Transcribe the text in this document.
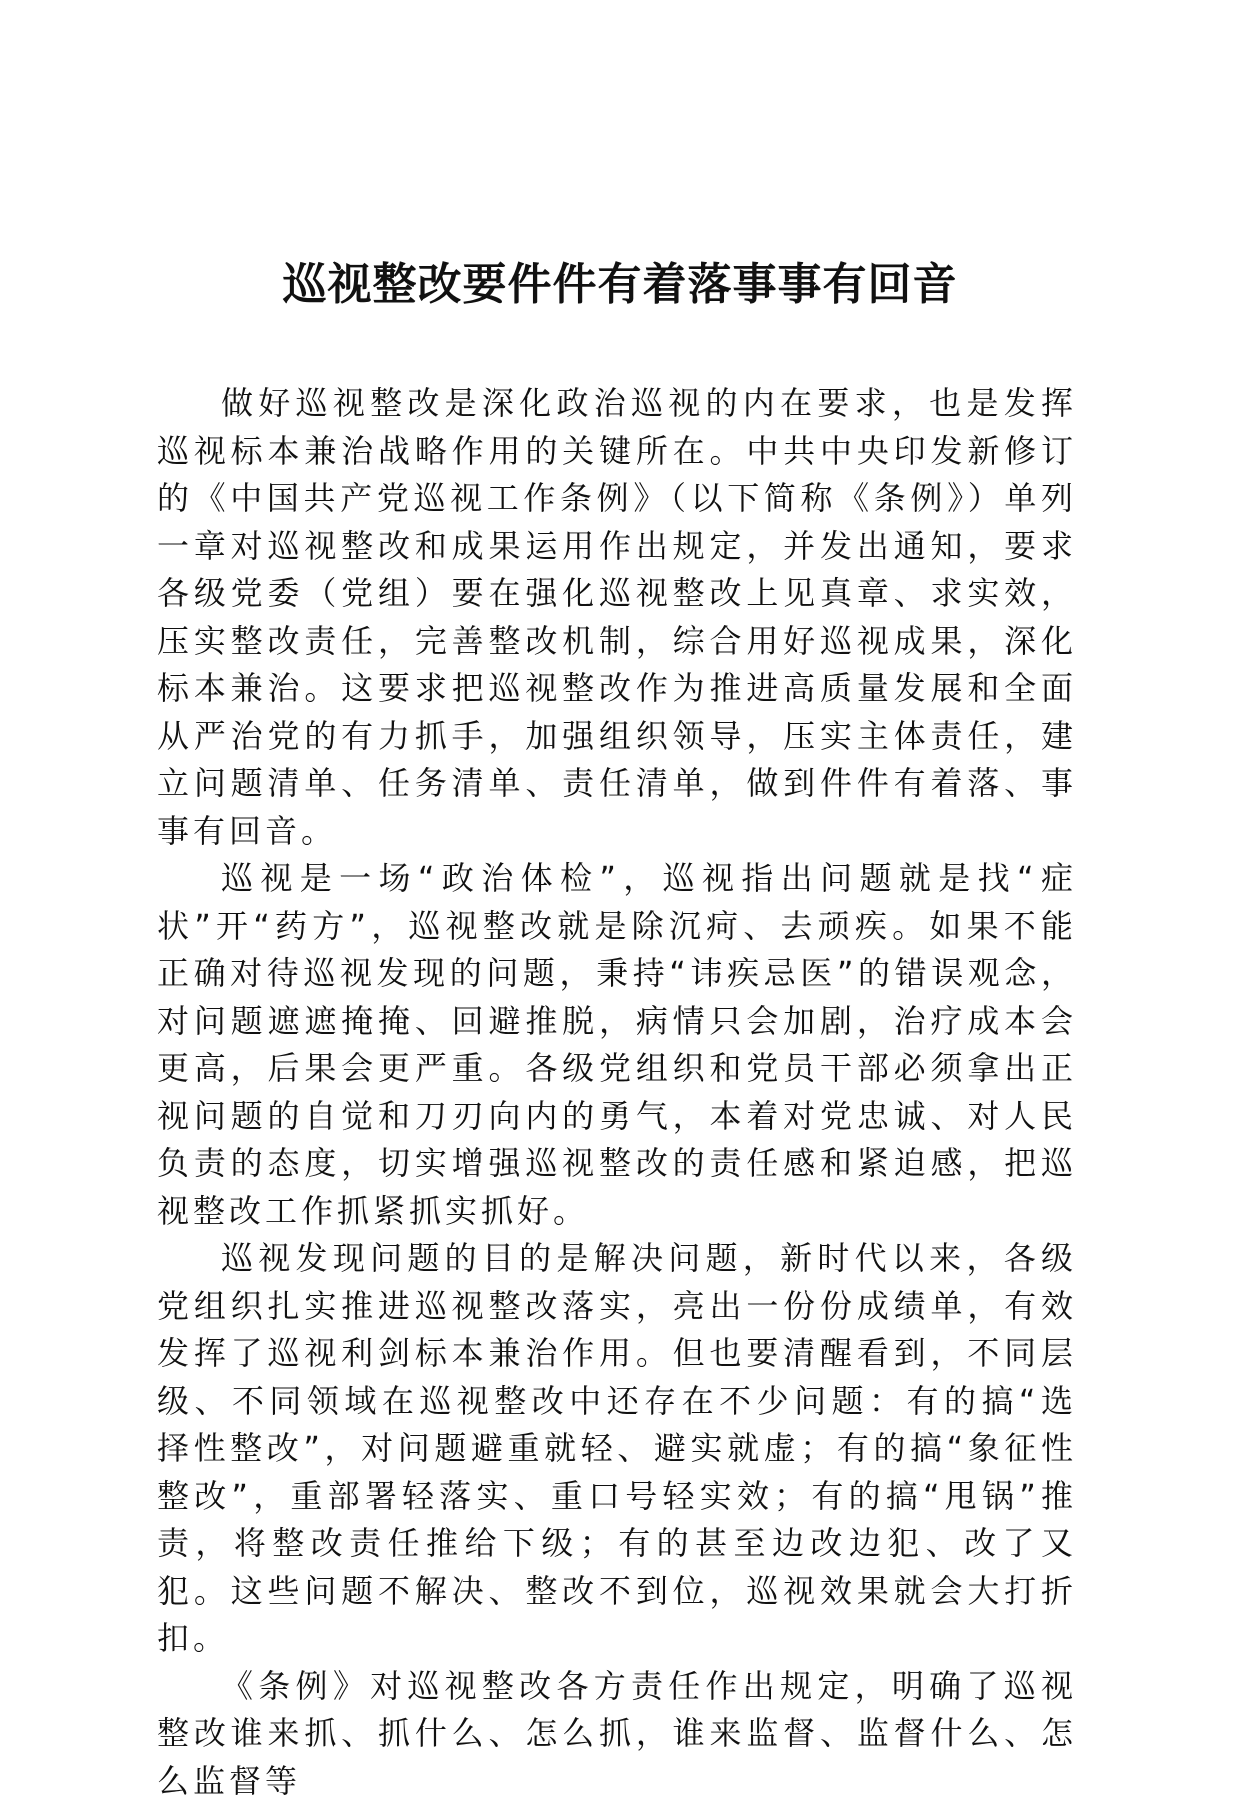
巡视整改要件件有着落事事有回音

做好巡视整改是深化政治巡视的内在要求，也是发挥巡视标本兼治战略作用的关键所在。中共中央印发新修订的《中国共产党巡视工作条例》（以下简称《条例》）单列一章对巡视整改和成果运用作出规定，并发出通知，要求各级党委（党组）要在强化巡视整改上见真章、求实效，压实整改责任，完善整改机制，综合用好巡视成果，深化标本兼治。这要求把巡视整改作为推进高质量发展和全面从严治党的有力抓手，加强组织领导，压实主体责任，建立问题清单、任务清单、责任清单，做到件件有着落、事事有回音。

巡视是一场“政治体检”，巡视指出问题就是找“症状”开“药方”，巡视整改就是除沉疴、去顽疾。如果不能正确对待巡视发现的问题，秉持“讳疾忌医”的错误观念，对问题遮遮掩掩、回避推脱，病情只会加剧，治疗成本会更高，后果会更严重。各级党组织和党员干部必须拿出正视问题的自觉和刀刃向内的勇气，本着对党忠诚、对人民负责的态度，切实增强巡视整改的责任感和紧迫感，把巡视整改工作抓紧抓实抓好。

巡视发现问题的目的是解决问题，新时代以来，各级党组织扎实推进巡视整改落实，亮出一份份成绩单，有效发挥了巡视利剑标本兼治作用。但也要清醒看到，不同层级、不同领域在巡视整改中还存在不少问题：有的搞“选择性整改”，对问题避重就轻、避实就虚；有的搞“象征性整改”，重部署轻落实、重口号轻实效；有的搞“甩锅”推责，将整改责任推给下级；有的甚至边改边犯、改了又犯。这些问题不解决、整改不到位，巡视效果就会大打折扣。

《条例》对巡视整改各方责任作出规定，明确了巡视整改谁来抓、抓什么、怎么抓，谁来监督、监督什么、怎么监督等
